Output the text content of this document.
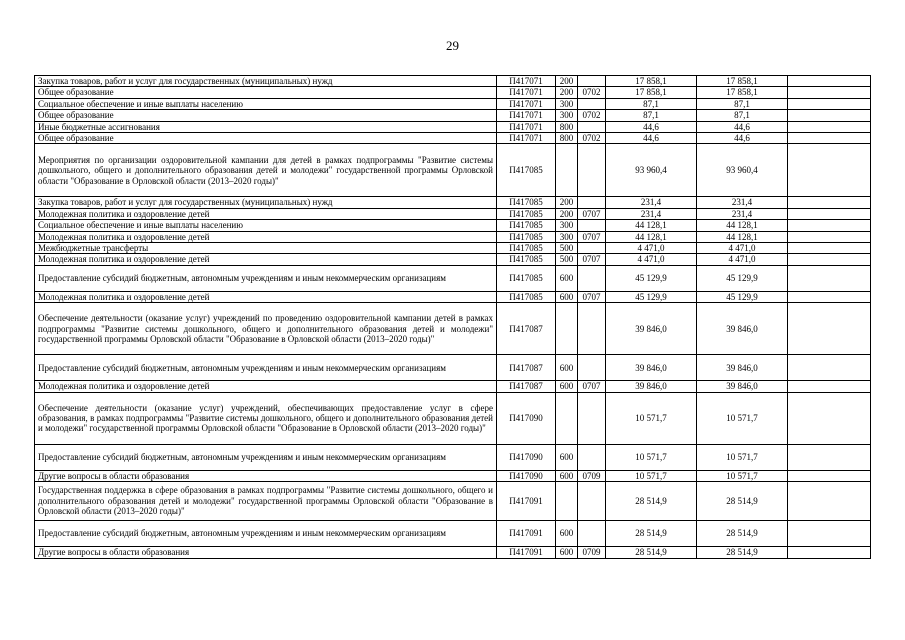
29
Закупка товаров, работ и услуг для государственных (муниципальных) нужд	П417071	200		17 858,1	17 858,1	
Общее образование	П417071	200	0702	17 858,1	17 858,1	
Социальное обеспечение и иные выплаты населению	П417071	300		87,1	87,1	
Общее образование	П417071	300	0702	87,1	87,1	
Иные бюджетные ассигнования	П417071	800		44,6	44,6	
Общее образование	П417071	800	0702	44,6	44,6	
Мероприятия по организации оздоровительной кампании для детей в рамках подпрограммы "Развитие системы дошкольного, общего и дополнительного образования детей и молодежи" государственной программы Орловской области "Образование в Орловской области (2013–2020 годы)"	П417085			93 960,4	93 960,4	
Закупка товаров, работ и услуг для государственных (муниципальных) нужд	П417085	200		231,4	231,4	
Молодежная политика и оздоровление детей	П417085	200	0707	231,4	231,4	
Социальное обеспечение и иные выплаты населению	П417085	300		44 128,1	44 128,1	
Молодежная политика и оздоровление детей	П417085	300	0707	44 128,1	44 128,1	
Межбюджетные трансферты	П417085	500		4 471,0	4 471,0	
Молодежная политика и оздоровление детей	П417085	500	0707	4 471,0	4 471,0	
Предоставление субсидий бюджетным, автономным учреждениям и иным некоммерческим организациям	П417085	600		45 129,9	45 129,9	
Молодежная политика и оздоровление детей	П417085	600	0707	45 129,9	45 129,9	
Обеспечение деятельности (оказание услуг) учреждений по проведению оздоровительной кампании детей в рамках подпрограммы "Развитие системы дошкольного, общего и дополнительного образования детей и молодежи" государственной программы Орловской области "Образование в Орловской области (2013–2020 годы)"	П417087			39 846,0	39 846,0	
Предоставление субсидий бюджетным, автономным учреждениям и иным некоммерческим организациям	П417087	600		39 846,0	39 846,0	
Молодежная политика и оздоровление детей	П417087	600	0707	39 846,0	39 846,0	
Обеспечение деятельности (оказание услуг) учреждений, обеспечивающих предоставление услуг в сфере образования, в рамках подпрограммы "Развитие системы дошкольного, общего и дополнительного образования детей и молодежи" государственной программы Орловской области "Образование в Орловской области (2013–2020 годы)"	П417090			10 571,7	10 571,7	
Предоставление субсидий бюджетным, автономным учреждениям и иным некоммерческим организациям	П417090	600		10 571,7	10 571,7	
Другие вопросы в области образования	П417090	600	0709	10 571,7	10 571,7	
Государственная поддержка в сфере образования в рамках подпрограммы "Развитие системы дошкольного, общего и дополнительного образования детей и молодежи" государственной программы Орловской области "Образование в Орловской области (2013–2020 годы)"	П417091			28 514,9	28 514,9	
Предоставление субсидий бюджетным, автономным учреждениям и иным некоммерческим организациям	П417091	600		28 514,9	28 514,9	
Другие вопросы в области образования	П417091	600	0709	28 514,9	28 514,9	
